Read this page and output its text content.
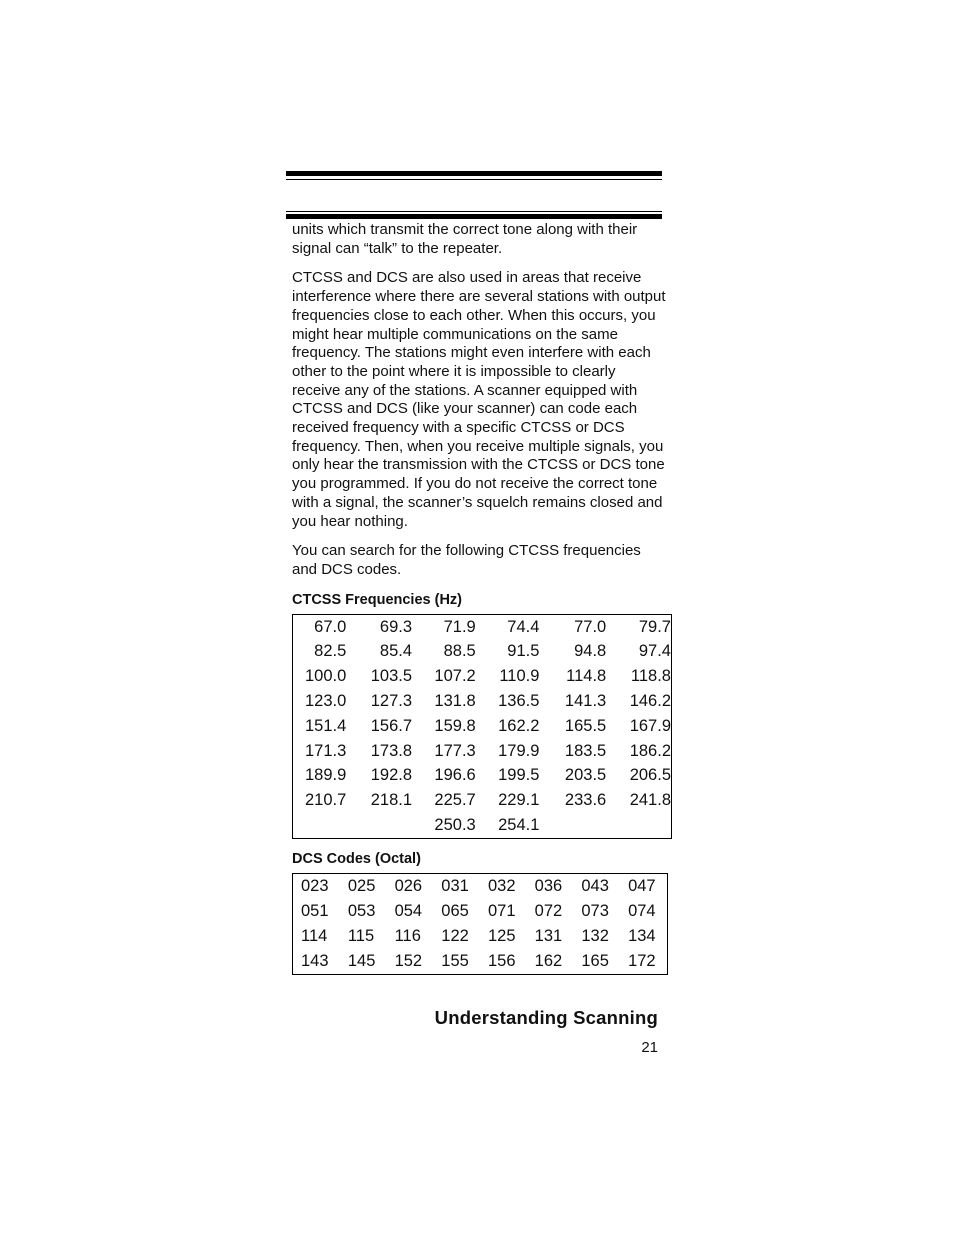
units which transmit the correct tone along with their signal can “talk” to the repeater.

CTCSS and DCS are also used in areas that receive interference where there are several stations with output frequencies close to each other. When this occurs, you might hear multiple communications on the same frequency. The stations might even interfere with each other to the point where it is impossible to clearly receive any of the stations. A scanner equipped with CTCSS and DCS (like your scanner) can code each received frequency with a specific CTCSS or DCS frequency. Then, when you receive multiple signals, you only hear the transmission with the CTCSS or DCS tone you programmed. If you do not receive the correct tone with a signal, the scanner’s squelch remains closed and you hear nothing.

You can search for the following CTCSS frequencies and DCS codes.

CTCSS Frequencies (Hz)
67.0	69.3	71.9	74.4	77.0	79.7
82.5	85.4	88.5	91.5	94.8	97.4
100.0	103.5	107.2	110.9	114.8	118.8
123.0	127.3	131.8	136.5	141.3	146.2
151.4	156.7	159.8	162.2	165.5	167.9
171.3	173.8	177.3	179.9	183.5	186.2
189.9	192.8	196.6	199.5	203.5	206.5
210.7	218.1	225.7	229.1	233.6	241.8
		250.3	254.1		
DCS Codes (Octal)
023	025	026	031	032	036	043	047
051	053	054	065	071	072	073	074
114	115	116	122	125	131	132	134
143	145	152	155	156	162	165	172
Understanding Scanning
21
